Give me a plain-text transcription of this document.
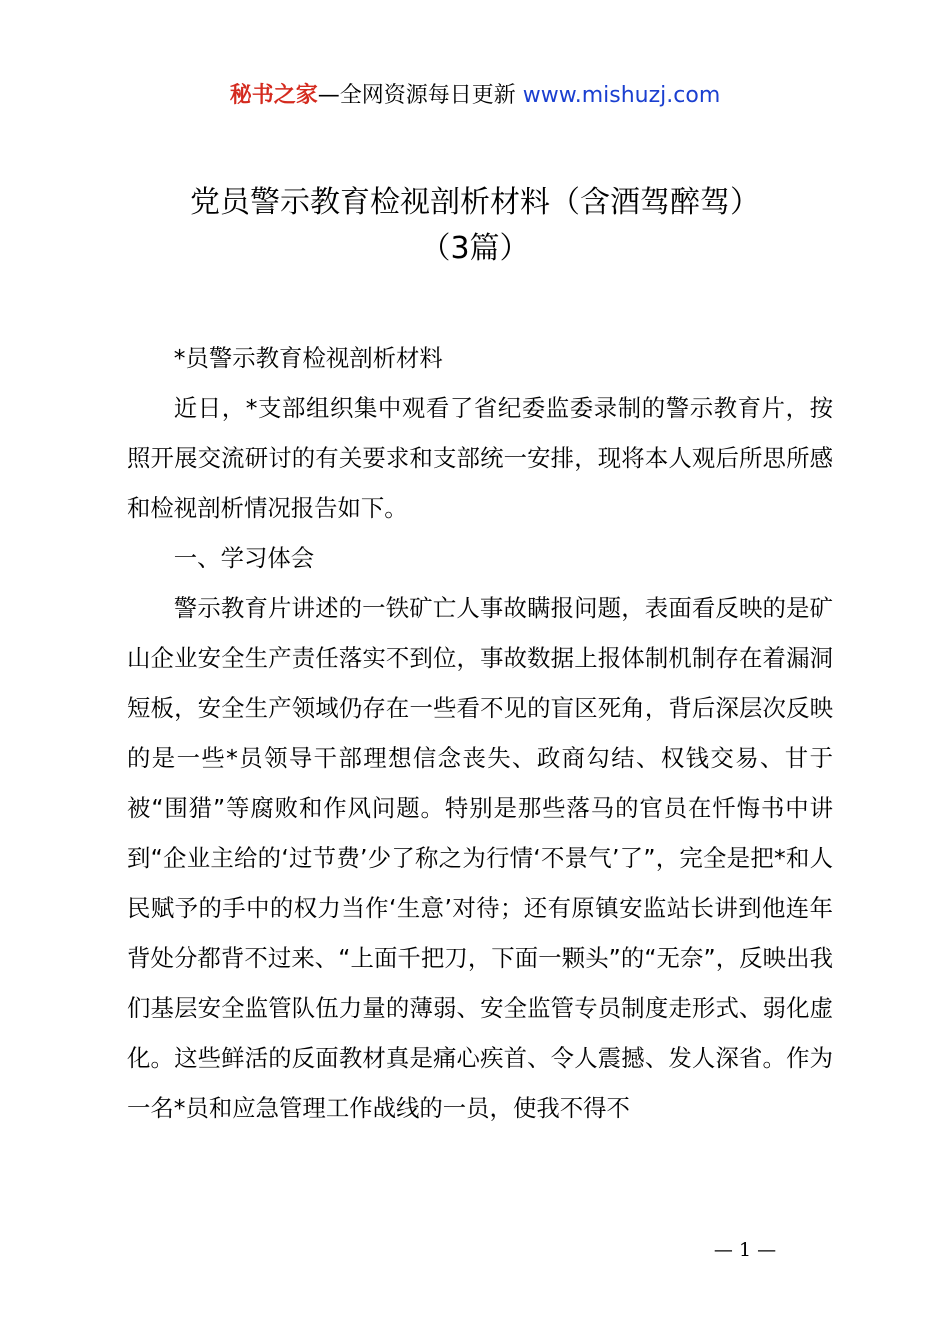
秘书之家—全网资源每日更新 www.mishuzj.com
党员警示教育检视剖析材料（含酒驾醉驾）
（3篇）

*员警示教育检视剖析材料

近日，*支部组织集中观看了省纪委监委录制的警示教育片，按照开展交流研讨的有关要求和支部统一安排，现将本人观后所思所感和检视剖析情况报告如下。

一、学习体会

警示教育片讲述的一铁矿亡人事故瞒报问题，表面看反映的是矿山企业安全生产责任落实不到位，事故数据上报体制机制存在着漏洞短板，安全生产领域仍存在一些看不见的盲区死角，背后深层次反映的是一些*员领导干部理想信念丧失、政商勾结、权钱交易、甘于被“围猎”等腐败和作风问题。特别是那些落马的官员在忏悔书中讲到“企业主给的‘过节费’少了称之为行情‘不景气’了”，完全是把*和人民赋予的手中的权力当作‘生意’对待；还有原镇安监站长讲到他连年背处分都背不过来、“上面千把刀，下面一颗头”的“无奈”，反映出我们基层安全监管队伍力量的薄弱、安全监管专员制度走形式、弱化虚化。这些鲜活的反面教材真是痛心疾首、令人震撼、发人深省。作为一名*员和应急管理工作战线的一员，使我不得不

— 1 —
